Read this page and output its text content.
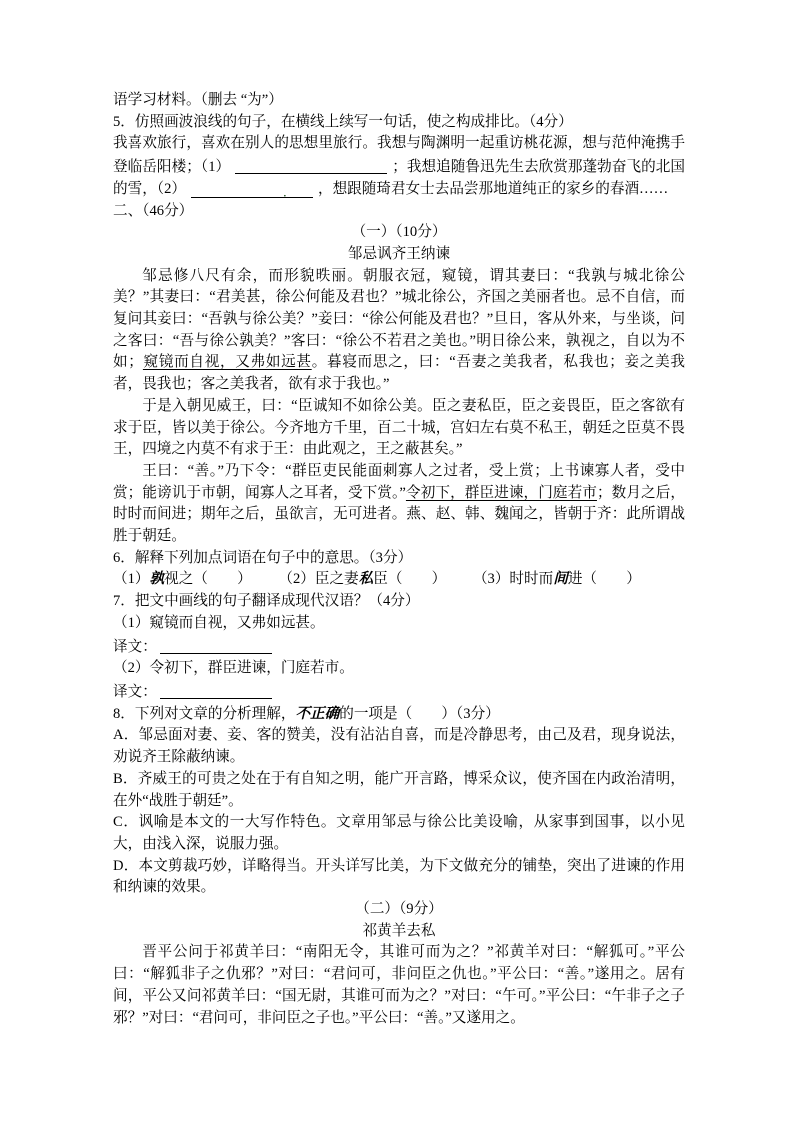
语学习材料。（删去 “为”）
5．仿照画波浪线的句子，在横线上续写一句话，使之构成排比。（4分）
我喜欢旅行，喜欢在别人的思想里旅行。我想与陶渊明一起重访桃花源，想与范仲淹携手登临岳阳楼；（1）	；我想追随鲁迅先生去欣赏那蓬勃奋飞的北国的雪，（2）	． ，想跟随琦君女士去品尝那地道纯正的家乡的春酒……
二、（46分）
（一）（10分）
邹忌讽齐王纳谏
邹忌修八尺有余，而形貌昳丽。朝服衣冠，窥镜，谓其妻曰：“我孰与城北徐公美？”其妻曰：“君美甚，徐公何能及君也？”城北徐公，齐国之美丽者也。忌不自信，而复问其妾曰：“吾孰与徐公美？”妾曰：“徐公何能及君也？”旦日，客从外来，与坐谈，问之客曰：“吾与徐公孰美？”客曰：“徐公不若君之美也。”明日徐公来，孰视之，自以为不如；窥镜而自视，又弗如远甚。暮寝而思之，曰：“吾妻之美我者，私我也；妾之美我者，畏我也；客之美我者，欲有求于我也。”
于是入朝见威王，曰：“臣诚知不如徐公美。臣之妻私臣，臣之妾畏臣，臣之客欲有求于臣，皆以美于徐公。今齐地方千里，百二十城，宫妇左右莫不私王，朝廷之臣莫不畏王，四境之内莫不有求于王：由此观之，王之蔽甚矣。”
王曰：“善。”乃下令：“群臣吏民能面刺寡人之过者，受上赏；上书谏寡人者，受中赏；能谤讥于市朝，闻寡人之耳者，受下赏。”令初下，群臣进谏，门庭若市；数月之后，时时而间进；期年之后，虽欲言，无可进者。燕、赵、韩、魏闻之，皆朝于齐：此所谓战胜于朝廷。
6．解释下列加点词语在句子中的意思。（3分）
（1）孰视之（　　） （2）臣之妻私臣（　　） （3）时时而间进（　　）
7．把文中画线的句子翻译成现代汉语？（4分）
（1）窥镜而自视，又弗如远甚。
译文：
（2）令初下，群臣进谏，门庭若市。
译文：
8．下列对文章的分析理解，不正确的一项是（　　）（3分）
A．邹忌面对妻、妾、客的赞美，没有沾沾自喜，而是冷静思考，由己及君，现身说法，劝说齐王除蔽纳谏。
B．齐威王的可贵之处在于有自知之明，能广开言路，博采众议，使齐国在内政治清明，在外“战胜于朝廷”。
C．讽喻是本文的一大写作特色。文章用邹忌与徐公比美设喻，从家事到国事，以小见大，由浅入深，说服力强。
D．本文剪裁巧妙，详略得当。开头详写比美，为下文做充分的铺垫，突出了进谏的作用和纳谏的效果。
（二）（9分）
祁黄羊去私
晋平公问于祁黄羊曰：“南阳无令，其谁可而为之？”祁黄羊对曰：“解狐可。”平公曰：“解狐非子之仇邪？”对曰：“君问可，非问臣之仇也。”平公曰：“善。”遂用之。居有间，平公又问祁黄羊曰：“国无尉，其谁可而为之？”对曰：“午可。”平公曰：“午非子之子邪？”对曰：“君问可，非问臣之子也。”平公曰：“善。”又遂用之。
